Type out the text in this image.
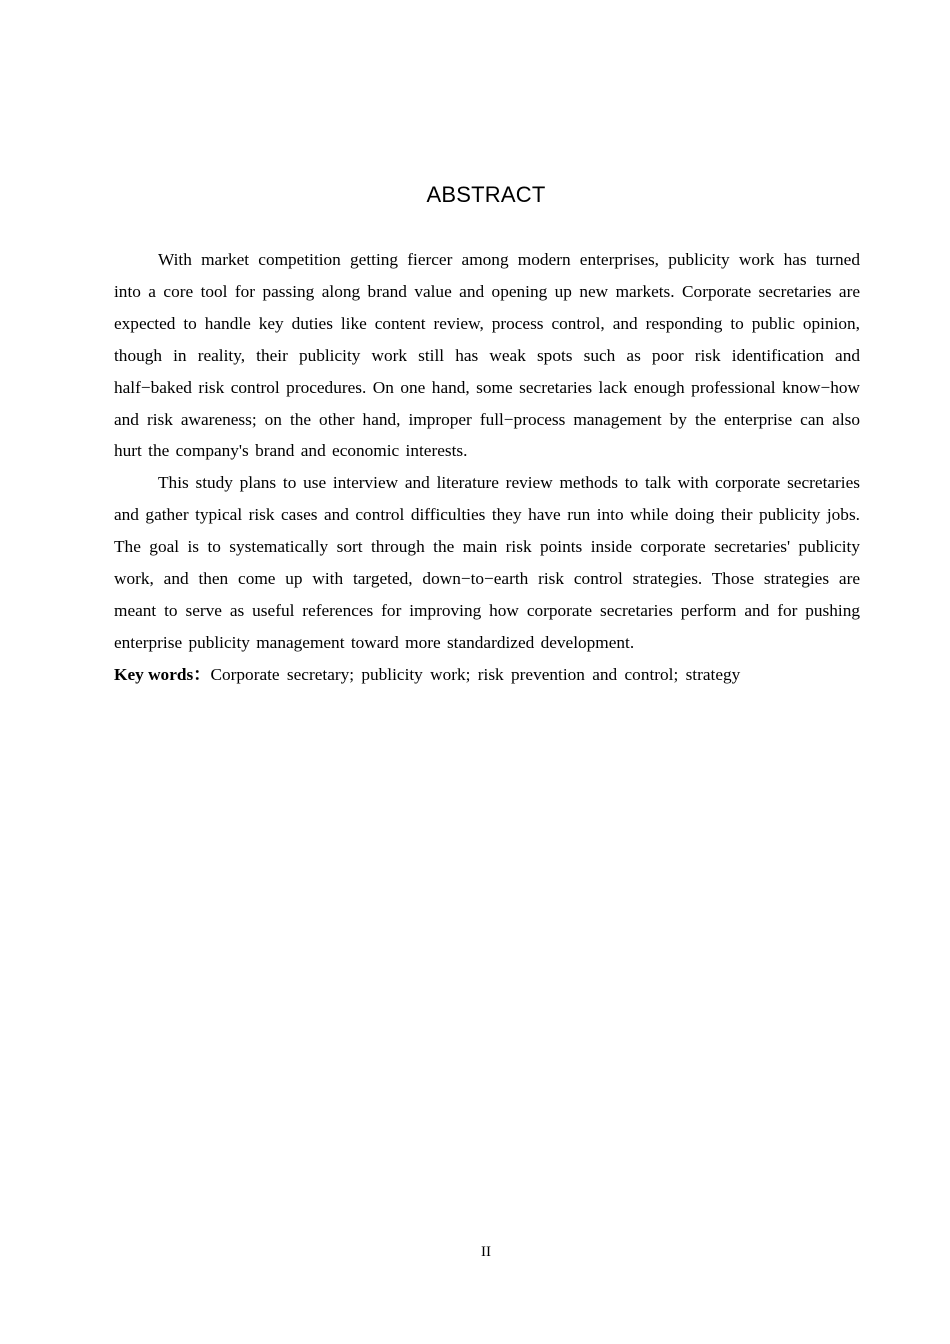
ABSTRACT

With market competition getting fiercer among modern enterprises, publicity work has turned into a core tool for passing along brand value and opening up new markets. Corporate secretaries are expected to handle key duties like content review, process control, and responding to public opinion, though in reality, their publicity work still has weak spots such as poor risk identification and half−baked risk control procedures. On one hand, some secretaries lack enough professional know−how and risk awareness; on the other hand, improper full−process management by the enterprise can also hurt the company's brand and economic interests.

This study plans to use interview and literature review methods to talk with corporate secretaries and gather typical risk cases and control difficulties they have run into while doing their publicity jobs. The goal is to systematically sort through the main risk points inside corporate secretaries' publicity work, and then come up with targeted, down−to−earth risk control strategies. Those strategies are meant to serve as useful references for improving how corporate secretaries perform and for pushing enterprise publicity management toward more standardized development.

Key words：Corporate secretary; publicity work; risk prevention and control; strategy

II
